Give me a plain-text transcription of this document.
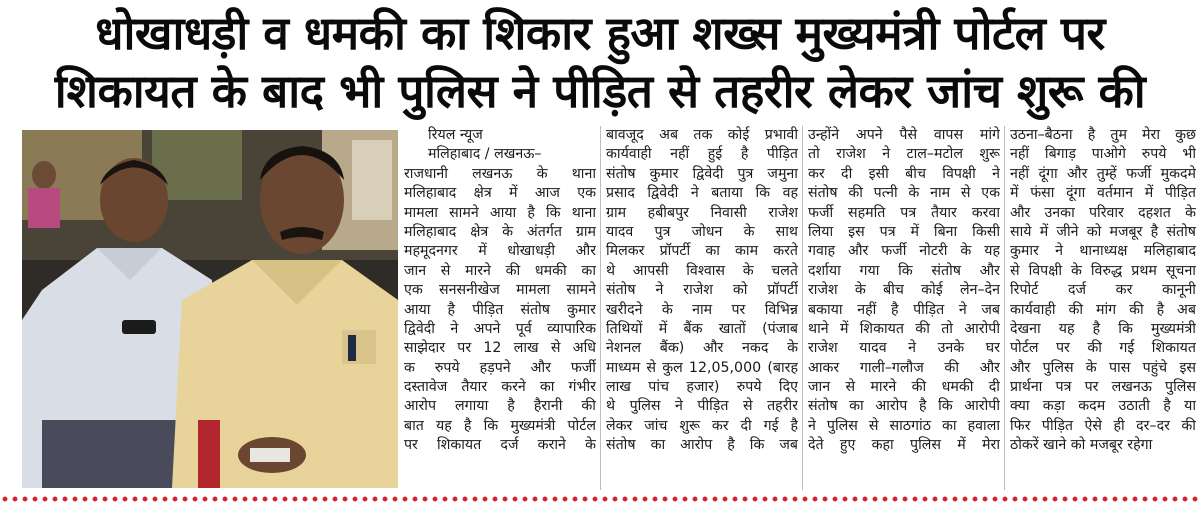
धोखाधड़ी व धमकी का शिकार हुआ शख्स मुख्यमंत्री पोर्टल पर
शिकायत के बाद भी पुलिस ने पीड़ित से तहरीर लेकर जांच शुरू की
रियल न्यूज
मलिहाबाद / लखनऊ–
राजधानी लखनऊ के थाना
मलिहाबाद क्षेत्र में आज एक
मामला सामने आया है कि थाना
मलिहाबाद क्षेत्र के अंतर्गत ग्राम
महमूदनगर में धोखाधड़ी और
जान से मारने की धमकी का
एक सनसनीखेज मामला सामने
आया है पीड़ित संतोष कुमार
द्विवेदी ने अपने पूर्व व्यापारिक
साझेदार पर 12 लाख से अधि
क रुपये हड़पने और फर्जी
दस्तावेज तैयार करने का गंभीर
आरोप लगाया है हैरानी की
बात यह है कि मुख्यमंत्री पोर्टल
पर शिकायत दर्ज कराने के
बावजूद अब तक कोई प्रभावी
कार्यवाही नहीं हुई है पीड़ित
संतोष कुमार द्विवेदी पुत्र जमुना
प्रसाद द्विवेदी ने बताया कि वह
ग्राम हबीबपुर निवासी राजेश
यादव पुत्र जोधन के साथ
मिलकर प्रॉपर्टी का काम करते
थे आपसी विश्वास के चलते
संतोष ने राजेश को प्रॉपर्टी
खरीदने के नाम पर विभिन्न
तिथियों में बैंक खातों (पंजाब
नेशनल बैंक) और नकद के
माध्यम से कुल 12,05,000 (बारह
लाख पांच हजार) रुपये दिए
थे पुलिस ने पीड़ित से तहरीर
लेकर जांच शुरू कर दी गई है
संतोष का आरोप है कि जब
उन्होंने अपने पैसे वापस मांगे
तो राजेश ने टाल–मटोल शुरू
कर दी इसी बीच विपक्षी ने
संतोष की पत्नी के नाम से एक
फर्जी सहमति पत्र तैयार करवा
लिया इस पत्र में बिना किसी
गवाह और फर्जी नोटरी के यह
दर्शाया गया कि संतोष और
राजेश के बीच कोई लेन–देन
बकाया नहीं है पीड़ित ने जब
थाने में शिकायत की तो आरोपी
राजेश यादव ने उनके घर
आकर गाली–गलौज की और
जान से मारने की धमकी दी
संतोष का आरोप है कि आरोपी
ने पुलिस से साठगांठ का हवाला
देते हुए कहा पुलिस में मेरा
उठना–बैठना है तुम मेरा कुछ
नहीं बिगाड़ पाओगे रुपये भी
नहीं दूंगा और तुम्हें फर्जी मुकदमे
में फंसा दूंगा वर्तमान में पीड़ित
और उनका परिवार दहशत के
साये में जीने को मजबूर है संतोष
कुमार ने थानाध्यक्ष मलिहाबाद
से विपक्षी के विरुद्ध प्रथम सूचना
रिपोर्ट दर्ज कर कानूनी
कार्यवाही की मांग की है अब
देखना यह है कि मुख्यमंत्री
पोर्टल पर की गई शिकायत
और पुलिस के पास पहुंचे इस
प्रार्थना पत्र पर लखनऊ पुलिस
क्या कड़ा कदम उठाती है या
फिर पीड़ित ऐसे ही दर–दर की
ठोकरें खाने को मजबूर रहेगा
